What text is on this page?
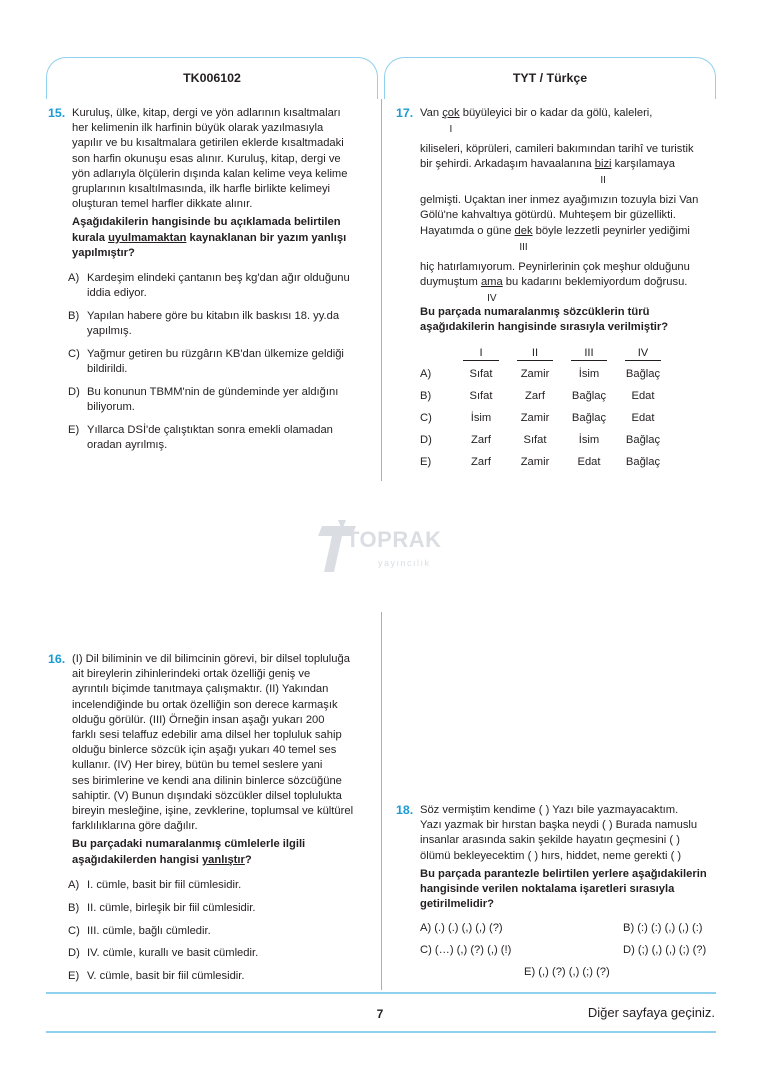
TK006102	TYT / Türkçe
15. Kuruluş, ülke, kitap, dergi ve yön adlarının kısaltmaları
her kelimenin ilk harfinin büyük olarak yazılmasıyla
yapılır ve bu kısaltmalara getirilen eklerde kısaltmadaki
son harfin okunuşu esas alınır. Kuruluş, kitap, dergi ve
yön adlarıyla ölçülerin dışında kalan kelime veya kelime
gruplarının kısaltılmasında, ilk harfle birlikte kelimeyi
oluşturan temel harfler dikkate alınır.
Aşağıdakilerin hangisinde bu açıklamada belirtilen
kurala uyulmamaktan kaynaklanan bir yazım yanlışı
yapılmıştır?
A) Kardeşim elindeki çantanın beş kg'dan ağır olduğunu
iddia ediyor.
B) Yapılan habere göre bu kitabın ilk baskısı 18. yy.da
yapılmış.
C) Yağmur getiren bu rüzgârın KB'dan ülkemize geldiği
bildirildi.
D) Bu konunun TBMM'nin de gündeminde yer aldığını
biliyorum.
E) Yıllarca DSİ'de çalıştıktan sonra emekli olamadan
oradan ayrılmış.
17. Van çok
I
büyüleyici bir o kadar da gölü, kaleleri,
kiliseleri, köprüleri, camileri bakımından tarihî ve turistik
bir şehirdi. Arkadaşım havaalanına bizi
II
karşılamaya
gelmişti. Uçaktan iner inmez ayağımızın tozuyla bizi Van
Gölü'ne kahvaltıya götürdü. Muhteşem bir güzellikti.
Hayatımda o güne dek
III
böyle lezzetli peynirler yediğimi
hiç hatırlamıyorum. Peynirlerinin çok meşhur olduğunu
duymuştum ama
IV
bu kadarını beklemiyordum doğrusu.
Bu parçada numaralanmış sözcüklerin türü
aşağıdakilerin hangisinde sırasıyla verilmiştir?
	I	II	III	IV
A)	Sıfat	Zamir	İsim	Bağlaç
B)	Sıfat	Zarf	Bağlaç	Edat
C)	İsim	Zamir	Bağlaç	Edat
D)	Zarf	Sıfat	İsim	Bağlaç
E)	Zarf	Zamir	Edat	Bağlaç
TOPRAK
yayıncılık
16. (I) Dil biliminin ve dil bilimcinin görevi, bir dilsel topluluğa
ait bireylerin zihinlerindeki ortak özelliği geniş ve
ayrıntılı biçimde tanıtmaya çalışmaktır. (II) Yakından
incelendiğinde bu ortak özelliğin son derece karmaşık
olduğu görülür. (III) Örneğin insan aşağı yukarı 200
farklı sesi telaffuz edebilir ama dilsel her topluluk sahip
olduğu binlerce sözcük için aşağı yukarı 40 temel ses
kullanır. (IV) Her birey, bütün bu temel seslere yani
ses birimlerine ve kendi ana dilinin binlerce sözcüğüne
sahiptir. (V) Bunun dışındaki sözcükler dilsel toplulukta
bireyin mesleğine, işine, zevklerine, toplumsal ve kültürel
farklılıklarına göre dağılır.
Bu parçadaki numaralanmış cümlelerle ilgili
aşağıdakilerden hangisi yanlıştır?
A) I. cümle, basit bir fiil cümlesidir.
B) II. cümle, birleşik bir fiil cümlesidir.
C) III. cümle, bağlı cümledir.
D) IV. cümle, kurallı ve basit cümledir.
E) V. cümle, basit bir fiil cümlesidir.
18. Söz vermiştim kendime ( ) Yazı bile yazmayacaktım.
Yazı yazmak bir hırstan başka neydi ( ) Burada namuslu
insanlar arasında sakin şekilde hayatın geçmesini ( )
ölümü bekleyecektim ( ) hırs, hiddet, neme gerekti ( )
Bu parçada parantezle belirtilen yerlere aşağıdakilerin
hangisinde verilen noktalama işaretleri sırasıyla
getirilmelidir?
A) (.) (.) (,) (,) (?)	B) (:) (:) (,) (,) (:)
C) (…) (,) (?) (,) (!)	D) (;) (,) (,) (;) (?)
E) (,) (?) (,) (;) (?)
7	Diğer sayfaya geçiniz.
